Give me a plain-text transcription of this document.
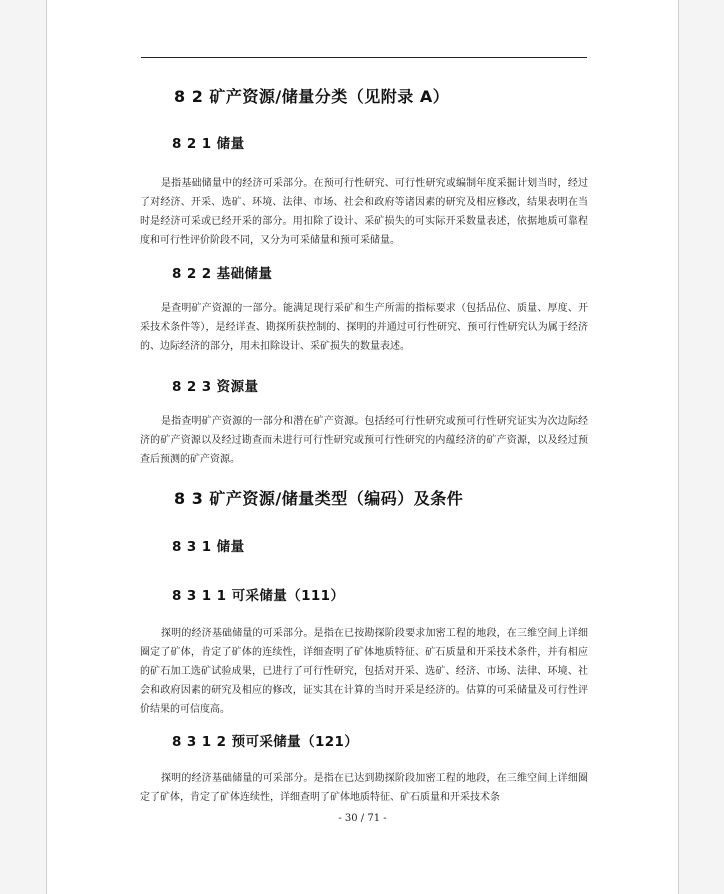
8 2 矿产资源/储量分类（见附录 A）
8 2 1 储量
是指基础储量中的经济可采部分。在预可行性研究、可行性研究或编制年度采掘计划当时，经过了对经济、开采、选矿、环境、法律、市场、社会和政府等诸因素的研究及相应修改，结果表明在当时是经济可采或已经开采的部分。用扣除了设计、采矿损失的可实际开采数量表述，依据地质可靠程度和可行性评价阶段不同，又分为可采储量和预可采储量。
8 2 2 基础储量
是查明矿产资源的一部分。能满足现行采矿和生产所需的指标要求（包括品位、质量、厚度、开采技术条件等），是经详查、勘探所获控制的、探明的并通过可行性研究、预可行性研究认为属于经济的、边际经济的部分，用未扣除设计、采矿损失的数量表述。
8 2 3 资源量
是指查明矿产资源的一部分和潜在矿产资源。包括经可行性研究或预可行性研究证实为次边际经济的矿产资源以及经过勘查而未进行可行性研究或预可行性研究的内蕴经济的矿产资源，以及经过预查后预测的矿产资源。
8 3 矿产资源/储量类型（编码）及条件
8 3 1 储量
8 3 1 1 可采储量（111）
探明的经济基础储量的可采部分。是指在已按勘探阶段要求加密工程的地段，在三维空间上详细圈定了矿体，肯定了矿体的连续性，详细查明了矿体地质特征、矿石质量和开采技术条件，并有相应的矿石加工选矿试验成果，已进行了可行性研究，包括对开采、选矿、经济、市场、法律、环境、社会和政府因素的研究及相应的修改，证实其在计算的当时开采是经济的。估算的可采储量及可行性评价结果的可信度高。
8 3 1 2 预可采储量（121）
探明的经济基础储量的可采部分。是指在已达到勘探阶段加密工程的地段，在三维空间上详细圈定了矿体，肯定了矿体连续性，详细查明了矿体地质特征、矿石质量和开采技术条
- 30 / 71 -
